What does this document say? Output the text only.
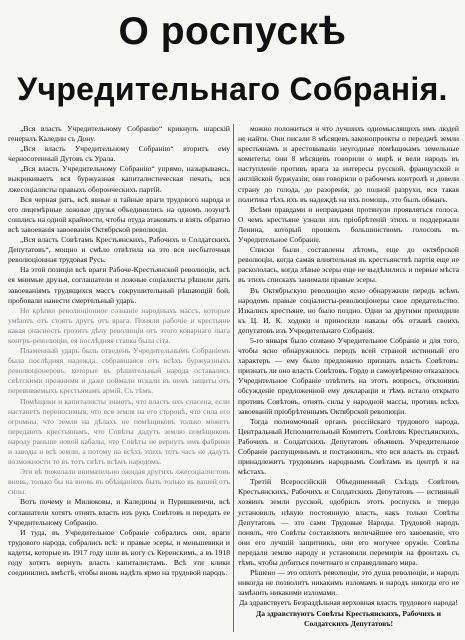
О роспускѣ
Учредительнаго Собранія.

„Вся власть Учредительному Собранію“ крикнулъ шарскій генералъ Каледин съ Дону.

„Вся власть Учредительному Собранію“ вторитъ ему черносотенный Дутовъ съ Урала.

„Вся власть Учредительному Собранію“ упрямо, назырываясь, выкрикиваетъ вся буржуазная капиталистическая печать, вся лжесоціалисты правыхъ оборонческихъ партій.

Вся черная рать, всѣ явные и тайные враги трудового народа и его лицемѣрные ложные друзья объединились на одномъ лозунгѣ сошлись на одной крайности, чтобы отуда атаковать и взять обратно всѣ завоеванія завоеванія Октябрской революціи.

„Вся власть Совѣтамъ Крестьянскихъ, Рабочихъ и Солдатскихъ Депутатовъ“, мощно и смѣло отвѣтила на это вся несбыточная революціонная трудовая Русь.

На этой позиціи всѣ враги Рабоче-Крестьянской революціи, всѣ ея мнимые друзья, соглашатели и ложные соціалисты рѣшили дать завоеваніямъ трудящихся массъ сокрушительный рѣшающій бой, пробовали нанести смертельный ударъ.

Но крѣпко революціонное сознаніе народныхъ массъ, которые умѣютъ отъ стоятъ другъ отъ врага. Поняли рабочіе и крестьяне какая опасность грозитъ дѣлу революціи отъ этого коварнаго шага контръ-революціи, ея послѣдняя ставка была сіта.

Пламенный ударъ быль отведенъ Учредительнымъ Собраніемъ была послѣдняя надежда, собравшаяся отъ всѣхъ буржуазныхъ революціонеровъ, которые въ рѣшительный народа оставались свѣтскими прежними и даже поймали искали въ немъ защиты отъ перевиваемыхъ крестьянамъ армій. Съ тѣмъ.

Помѣщики и капиталисты знаютъ, что власть ихъ спасена, если настанетъ переносимыя, что вся земля на его сторонѣ, что сила его огромны, что земля на дѣлахъ не помѣщиковъ только можетъ передаютъ крестьянамъ, что Совѣты дадутъ землю помѣщиковъ народу раньше новой кабалы, что Совѣты не вернутъ имъ фабрики и заводы и всѣ земли, а потому на всѣхъ этихъ тотъ часъ не дадутъ возможности то въ тотъ свѣтъ всѣмъ народомъ.

Эти вѣ пожелали внимательно ожидая другихъ лжесоціалистовъ вновь, только бы на вновь въ обѣщаніяхъ быть только въ вашей отъ силы.

Вотъ почему и Милюковы, и Каледины и Пуришкевичи, всѣ соглашатели хотятъ отнять власть изъ рукъ Совѣтовъ и передать ее Учредительному Собранію.

И туда, въ Учредительное Собраніе собрались они, враги трудового народа, собрались всѣ: и правые эсеры, и меньшевики и кадеты, которые въ 1917 году шли въ ногу съ Керенскимъ, а въ 1918 году хотятъ вернуть власть капиталистамъ. Всѣ эти клики соединились вмѣстѣ, чтобы вновь надѣть ярмо на трудовой народъ.

можно положиться и что лучшихъ одномыслящихъ имъ людей не найти. Они писали 8 мѣсяцевъ законопроекты о передачѣ земли крестьянамъ и арестовывали неугодные помѣщикамъ земельные комитеты; они 8 мѣсяцевъ говорили о мирѣ и вели народъ въ наступленіе противъ врага за интересы русской, французской и англійской буржуазіи; они говорили о рабочемъ контролѣ и довели страну до голода, до разоренія, до полной разрухи, вся такая политика тѣхъ ихъ въ надеждѣ на ихъ помощь, это былъ обманъ.

Всѣми правдами и неправдами протянули проявляться голоса. О чемъ крестьяне узнали изъ пріобрѣтеній этихъ и поддержали Ленина, который прошелъ большинствомъ голосовъ въ Учредительное Собраніе.

Списки были составлены лѣтомъ, еще до октябрской революціи, когда самая влиятельная въ крестьянствѣ партія еще не раскололась, когда лѣвые эсеры еще не выдѣлились и первые мѣста въ этихъ спискахъ занимали правые эсеры.

Въ Октябрьскую революцію ясно обнаружили передъ всѣмъ народомъ правые соціалисты-революціонеры свое предательство. Изкались крестьяне, но было поздно. Одни за другими приходили къ Ц. И. К. ходоки и приносили наказы объ отзывѣ своихъ депутатовъ изъ Учредительнаго Собранія.

5-го января было созвано Учредительное Собраніе и для того, чтобы ясно обнаружилось передъ всей страной истинный его характеръ — ему было предложено признать власть Совѣтовъ: признать ли оно власть Совѣтовъ. Гордо и самоувѣренно отказалось Учредительное Собраніе отвѣтить на этотъ вопросъ, отклонивъ обсужденіе предложенной ему деклараціи и тѣмъ встало открыто противъ Совѣтовъ, отнять силы у народной массы, противъ всѣхъ завоеваній пріобрѣтеннымъ Октябрской революціи.

Тогда полномочный органъ россійскаго трудового народа, Центральный Исполнительный Комитетъ Совѣтовъ Крестьянскихъ, Рабочихъ и Солдатскихъ Депутатовъ объявилъ Учредительное Собраніе распущеннымъ и постановилъ, что вся власть въ странѣ принадлежитъ трудовымъ народнымъ Совѣтамъ въ центрѣ и на мѣстахъ.

Третій Всероссійскій Объединенный Съѣздъ Совѣтовъ Крестьянскихъ, Рабочихъ и Солдатскихъ Депутатовъ — истинный хозяинъ земли русской, одобрилъ этотъ роспускъ и твердо установилъ нѣкую постоянную власть, какъ только Совѣты Депутатовъ — это сами Трудовые Народы. Трудовой народъ понялъ, что Совѣты составляютъ величайшее его завоеваніе, что они его лучшій защитникъ, они его могучее оружіе. Совѣты передали землю народу и установили перемирія на фронтахъ съ тѣмъ, чтобы добиться почетнаго и справедливаго мира.

Рѣшено — это оплотъ революціи, это душа революціи, и народъ никогда не позволитъ никакимъ изломамъ и народъ никогда его не замѣнить никакими изломами.

Да здравствуетъ Безраздѣльная верховная власть трудового народа!

Да здравствуютъ Совѣты Крестьянскихъ, Рабочихъ и Солдатскихъ Депутатовъ!
